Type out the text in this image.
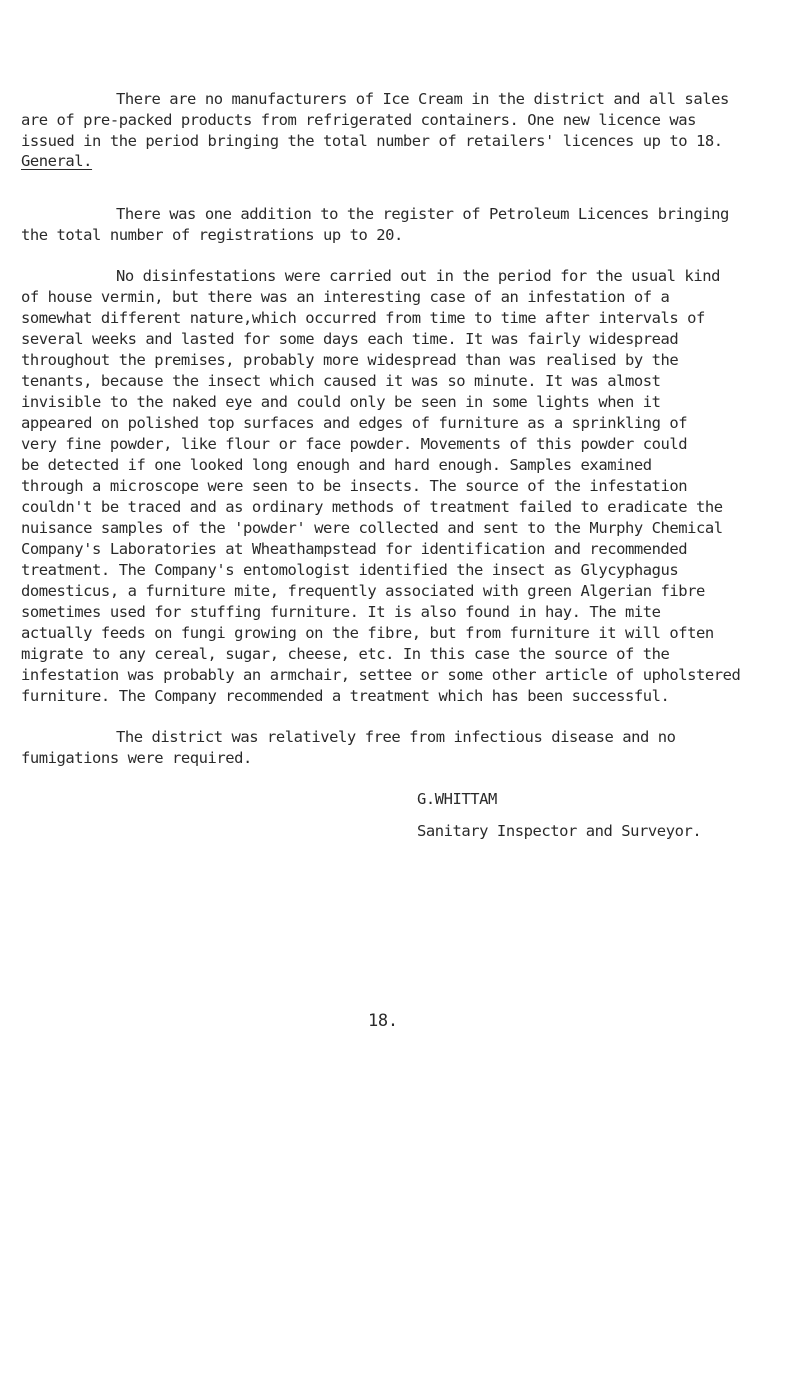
There are no manufacturers of Ice Cream in the district and all sales
are of pre-packed products from refrigerated containers. One new licence was
issued in the period bringing the total number of retailers' licences up to 18.
General.
There was one addition to the register of Petroleum Licences bringing
the total number of registrations up to 20.
No disinfestations were carried out in the period for the usual kind
of house vermin, but there was an interesting case of an infestation of a
somewhat different nature,which occurred from time to time after intervals of
several weeks and lasted for some days each time. It was fairly widespread
throughout the premises, probably more widespread than was realised by the
tenants, because the insect which caused it was so minute. It was almost
invisible to the naked eye and could only be seen in some lights when it
appeared on polished top surfaces and edges of furniture as a sprinkling of
very fine powder, like flour or face powder. Movements of this powder could
be detected if one looked long enough and hard enough. Samples examined
through a microscope were seen to be insects. The source of the infestation
couldn't be traced and as ordinary methods of treatment failed to eradicate the
nuisance samples of the 'powder' were collected and sent to the Murphy Chemical
Company's Laboratories at Wheathampstead for identification and recommended
treatment. The Company's entomologist identified the insect as Glycyphagus
domesticus, a furniture mite, frequently associated with green Algerian fibre
sometimes used for stuffing furniture. It is also found in hay. The mite
actually feeds on fungi growing on the fibre, but from furniture it will often
migrate to any cereal, sugar, cheese, etc. In this case the source of the
infestation was probably an armchair, settee or some other article of upholstered
furniture. The Company recommended a treatment which has been successful.
The district was relatively free from infectious disease and no
fumigations were required.
G.WHITTAM
Sanitary Inspector and Surveyor.
18.
